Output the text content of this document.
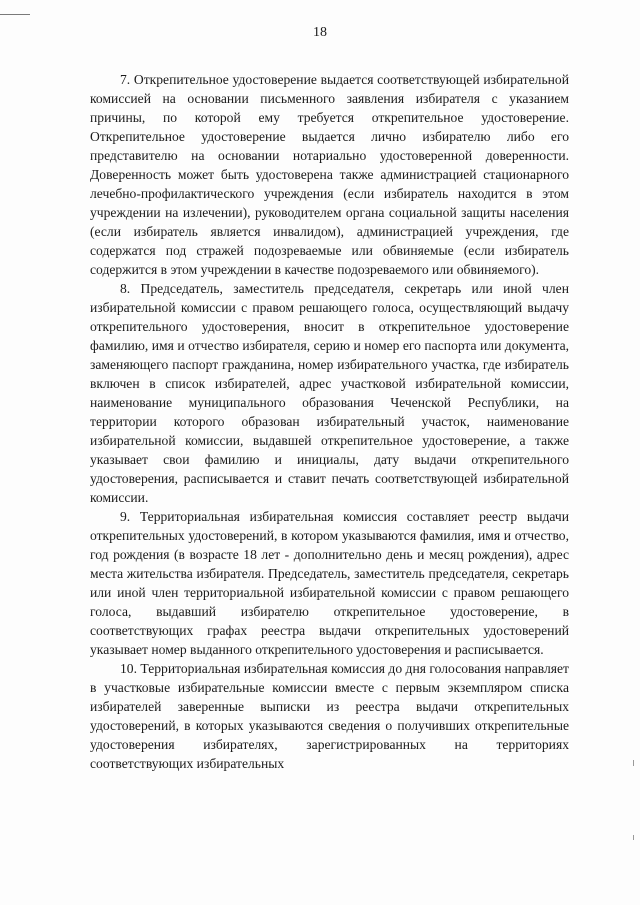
18

7. Открепительное удостоверение выдается соответствующей избирательной комиссией на основании письменного заявления избирателя с указанием причины, по которой ему требуется открепительное удостоверение. Открепительное удостоверение выдается лично избирателю либо его представителю на основании нотариально удостоверенной доверенности. Доверенность может быть удостоверена также администрацией стационарного лечебно-профилактического учреждения (если избиратель находится в этом учреждении на излечении), руководителем органа социальной защиты населения (если избиратель является инвалидом), администрацией учреждения, где содержатся под стражей подозреваемые или обвиняемые (если избиратель содержится в этом учреждении в качестве подозреваемого или обвиняемого).

8. Председатель, заместитель председателя, секретарь или иной член избирательной комиссии с правом решающего голоса, осуществляющий выдачу открепительного удостоверения, вносит в открепительное удостоверение фамилию, имя и отчество избирателя, серию и номер его паспорта или документа, заменяющего паспорт гражданина, номер избирательного участка, где избиратель включен в список избирателей, адрес участковой избирательной комиссии, наименование муниципального образования Чеченской Республики, на территории которого образован избирательный участок, наименование избирательной комиссии, выдавшей открепительное удостоверение, а также указывает свои фамилию и инициалы, дату выдачи открепительного удостоверения, расписывается и ставит печать соответствующей избирательной комиссии.

9. Территориальная избирательная комиссия составляет реестр выдачи открепительных удостоверений, в котором указываются фамилия, имя и отчество, год рождения (в возрасте 18 лет - дополнительно день и месяц рождения), адрес места жительства избирателя. Председатель, заместитель председателя, секретарь или иной член территориальной избирательной комиссии с правом решающего голоса, выдавший избирателю открепительное удостоверение, в соответствующих графах реестра выдачи открепительных удостоверений указывает номер выданного открепительного удостоверения и расписывается.

10. Территориальная избирательная комиссия до дня голосования направляет в участковые избирательные комиссии вместе с первым экземпляром списка избирателей заверенные выписки из реестра выдачи открепительных удостоверений, в которых указываются сведения о получивших открепительные удостоверения избирателях, зарегистрированных на территориях соответствующих избирательных
